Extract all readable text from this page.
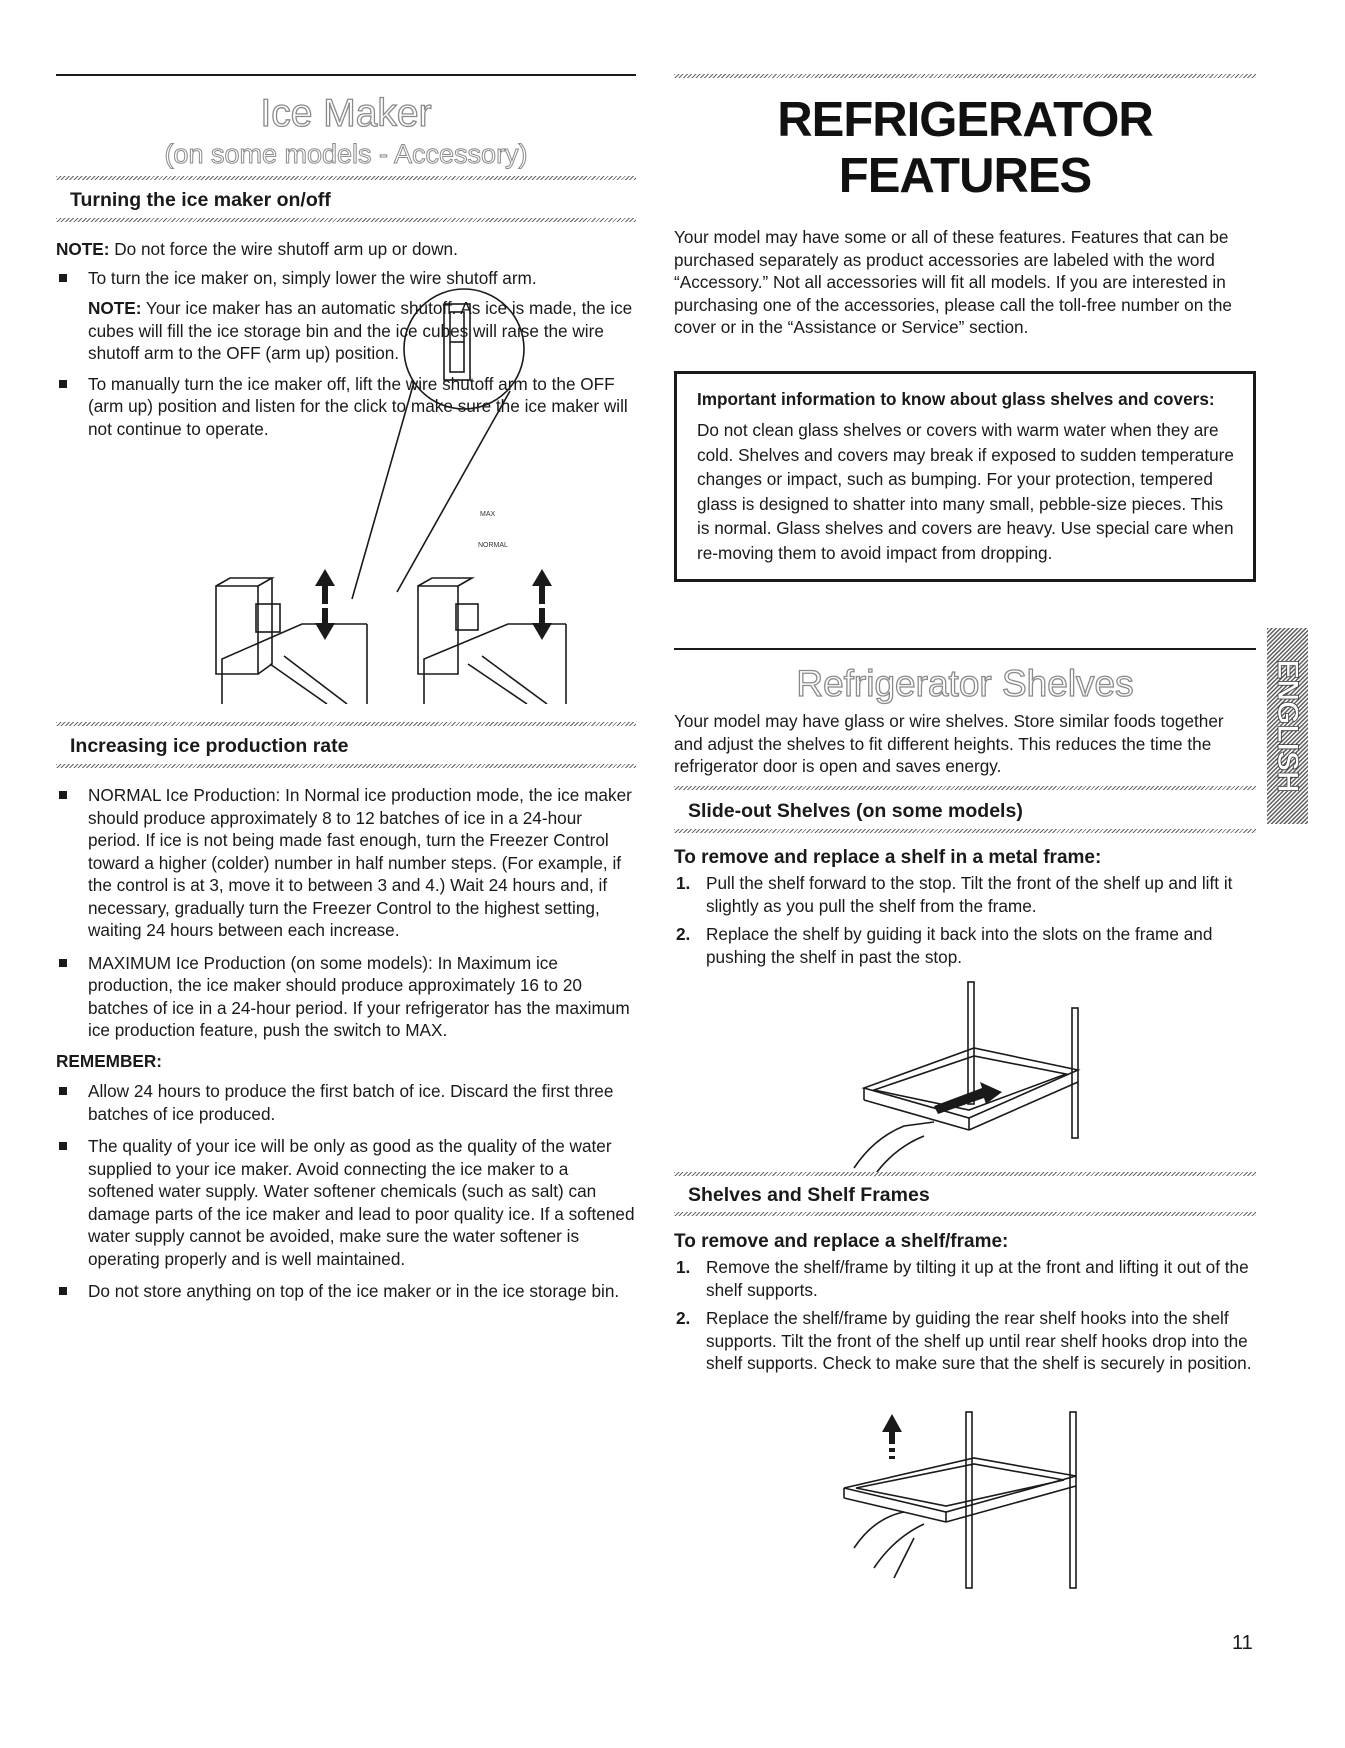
Ice Maker
(on some models - Accessory)
Turning the ice maker on/off

NOTE: Do not force the wire shutoff arm up or down.

To turn the ice maker on, simply lower the wire shutoff arm.

NOTE: Your ice maker has an automatic shutoff. As ice is made, the ice cubes will fill the ice storage bin and the ice cubes will raise the wire shutoff arm to the OFF (arm up) position.

To manually turn the ice maker off, lift the wire shutoff arm to the OFF (arm up) position and listen for the click to make sure the ice maker will not continue to operate.
MAX
NORMAL
Increasing ice production rate
NORMAL Ice Production: In Normal ice production mode, the ice maker should produce approximately 8 to 12 batches of ice in a 24-hour period. If ice is not being made fast enough, turn the Freezer Control toward a higher (colder) number in half number steps. (For example, if the control is at 3, move it to between 3 and 4.) Wait 24 hours and, if necessary, gradually turn the Freezer Control to the highest setting, waiting 24 hours between each increase.
MAXIMUM Ice Production (on some models): In Maximum ice production, the ice maker should produce approximately 16 to 20 batches of ice in a 24-hour period. If your refrigerator has the maximum ice production feature, push the switch to MAX.

REMEMBER:

Allow 24 hours to produce the first batch of ice. Discard the first three batches of ice produced.
The quality of your ice will be only as good as the quality of the water supplied to your ice maker. Avoid connecting the ice maker to a softened water supply. Water softener chemicals (such as salt) can damage parts of the ice maker and lead to poor quality ice. If a softened water supply cannot be avoided, make sure the water softener is operating properly and is well maintained.
Do not store anything on top of the ice maker or in the ice storage bin.
REFRIGERATOR
FEATURES

Your model may have some or all of these features. Features that can be purchased separately as product accessories are labeled with the word “Accessory.” Not all accessories will fit all models. If you are interested in purchasing one of the accessories, please call the toll-free number on the cover or in the “Assistance or Service” section.

Important information to know about glass shelves and covers:

Do not clean glass shelves or covers with warm water when they are cold. Shelves and covers may break if exposed to sudden temperature changes or impact, such as bumping. For your protection, tempered glass is designed to shatter into many small, pebble-size pieces. This is normal. Glass shelves and covers are heavy. Use special care when re-moving them to avoid impact from dropping.

Refrigerator Shelves

Your model may have glass or wire shelves. Store similar foods together and adjust the shelves to fit different heights. This reduces the time the refrigerator door is open and saves energy.

Slide-out Shelves (on some models)

To remove and replace a shelf in a metal frame:

1. Pull the shelf forward to the stop. Tilt the front of the shelf up and lift it slightly as you pull the shelf from the frame.
2. Replace the shelf by guiding it back into the slots on the frame and pushing the shelf in past the stop.
Shelves and Shelf Frames

To remove and replace a shelf/frame:

1. Remove the shelf/frame by tilting it up at the front and lifting it out of the shelf supports.
2. Replace the shelf/frame by guiding the rear shelf hooks into the shelf supports. Tilt the front of the shelf up until rear shelf hooks drop into the shelf supports. Check to make sure that the shelf is securely in position.
ENGLISH
11
